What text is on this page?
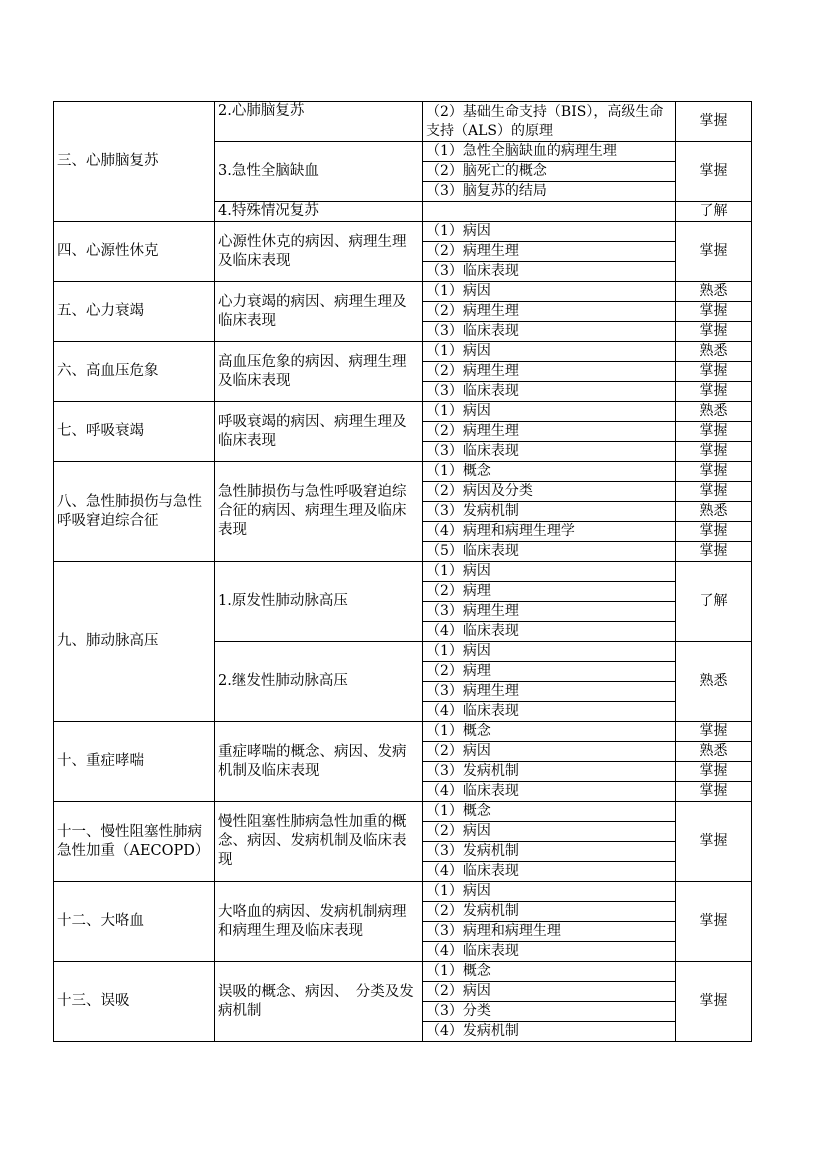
三、心肺脑复苏	2.心肺脑复苏	（2）基础生命支持（BIS），高级生命支持（ALS）的原理	掌握
	3.急性全脑缺血	（1）急性全脑缺血的病理生理	掌握
		（2）脑死亡的概念	
		（3）脑复苏的结局	
	4.特殊情况复苏		了解
四、心源性休克	心源性休克的病因、病理生理及临床表现	（1）病因	掌握
		（2）病理生理	
		（3）临床表现	
五、心力衰竭	心力衰竭的病因、病理生理及临床表现	（1）病因	熟悉
		（2）病理生理	掌握
		（3）临床表现	掌握
六、高血压危象	高血压危象的病因、病理生理及临床表现	（1）病因	熟悉
		（2）病理生理	掌握
		（3）临床表现	掌握
七、呼吸衰竭	呼吸衰竭的病因、病理生理及临床表现	（1）病因	熟悉
		（2）病理生理	掌握
		（3）临床表现	掌握
八、急性肺损伤与急性呼吸窘迫综合征	急性肺损伤与急性呼吸窘迫综合征的病因、病理生理及临床表现	（1）概念	掌握
		（2）病因及分类	掌握
		（3）发病机制	熟悉
		（4）病理和病理生理学	掌握
		（5）临床表现	掌握
九、肺动脉高压	1.原发性肺动脉高压	（1）病因	了解
		（2）病理	
		（3）病理生理	
		（4）临床表现	
	2.继发性肺动脉高压	（1）病因	熟悉
		（2）病理	
		（3）病理生理	
		（4）临床表现	
十、重症哮喘	重症哮喘的概念、病因、发病机制及临床表现	（1）概念	掌握
		（2）病因	熟悉
		（3）发病机制	掌握
		（4）临床表现	掌握
十一、慢性阻塞性肺病急性加重（AECOPD）	慢性阻塞性肺病急性加重的概念、病因、发病机制及临床表现	（1）概念	掌握
		（2）病因	
		（3）发病机制	
		（4）临床表现	
十二、大咯血	大咯血的病因、发病机制病理和病理生理及临床表现	（1）病因	掌握
		（2）发病机制	
		（3）病理和病理生理	
		（4）临床表现	
十三、误吸	误吸的概念、病因、　分类及发病机制	（1）概念	掌握
		（2）病因	
		（3）分类	
		（4）发病机制	
